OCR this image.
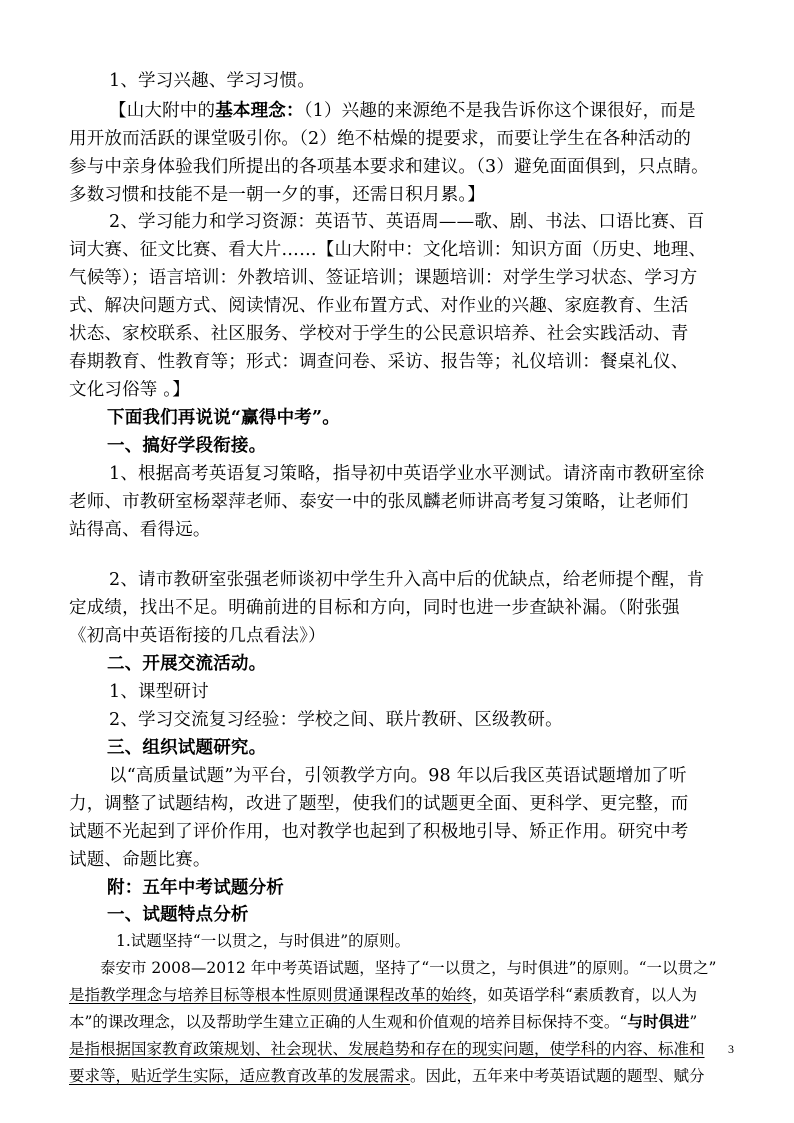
1、学习兴趣、学习习惯。
【山大附中的基本理念：（1）兴趣的来源绝不是我告诉你这个课很好，而是
用开放而活跃的课堂吸引你。（2）绝不枯燥的提要求，而要让学生在各种活动的
参与中亲身体验我们所提出的各项基本要求和建议。（3）避免面面俱到，只点睛。
多数习惯和技能不是一朝一夕的事，还需日积月累。】
2、学习能力和学习资源：英语节、英语周——歌、剧、书法、口语比赛、百
词大赛、征文比赛、看大片……【山大附中：文化培训：知识方面（历史、地理、
气候等）；语言培训：外教培训、签证培训；课题培训：对学生学习状态、学习方
式、解决问题方式、阅读情况、作业布置方式、对作业的兴趣、家庭教育、生活
状态、家校联系、社区服务、学校对于学生的公民意识培养、社会实践活动、青
春期教育、性教育等；形式：调查问卷、采访、报告等；礼仪培训：餐桌礼仪、
文化习俗等 。】
下面我们再说说“赢得中考”。
一、搞好学段衔接。
1、根据高考英语复习策略，指导初中英语学业水平测试。请济南市教研室徐
老师、市教研室杨翠萍老师、泰安一中的张凤麟老师讲高考复习策略，让老师们
站得高、看得远。
2、请市教研室张强老师谈初中学生升入高中后的优缺点，给老师提个醒，肯
定成绩，找出不足。明确前进的目标和方向，同时也进一步查缺补漏。（附张强
《初高中英语衔接的几点看法》）
二、开展交流活动。
1、课型研讨
2、学习交流复习经验：学校之间、联片教研、区级教研。
三、组织试题研究。
以“高质量试题”为平台，引领教学方向。98 年以后我区英语试题增加了听
力，调整了试题结构，改进了题型，使我们的试题更全面、更科学、更完整，而
试题不光起到了评价作用，也对教学也起到了积极地引导、矫正作用。研究中考
试题、命题比赛。
附：五年中考试题分析
一、试题特点分析
1.试题坚持“一以贯之，与时俱进”的原则。
泰安市 2008—2012 年中考英语试题，坚持了“一以贯之，与时俱进”的原则。“一以贯之”
是指教学理念与培养目标等根本性原则贯通课程改革的始终，如英语学科“素质教育，以人为
本”的课改理念，以及帮助学生建立正确的人生观和价值观的培养目标保持不变。“与时俱进”
是指根据国家教育政策规划、社会现状、发展趋势和存在的现实问题，使学科的内容、标准和
要求等，贴近学生实际，适应教育改革的发展需求。因此，五年来中考英语试题的题型、赋分
3
